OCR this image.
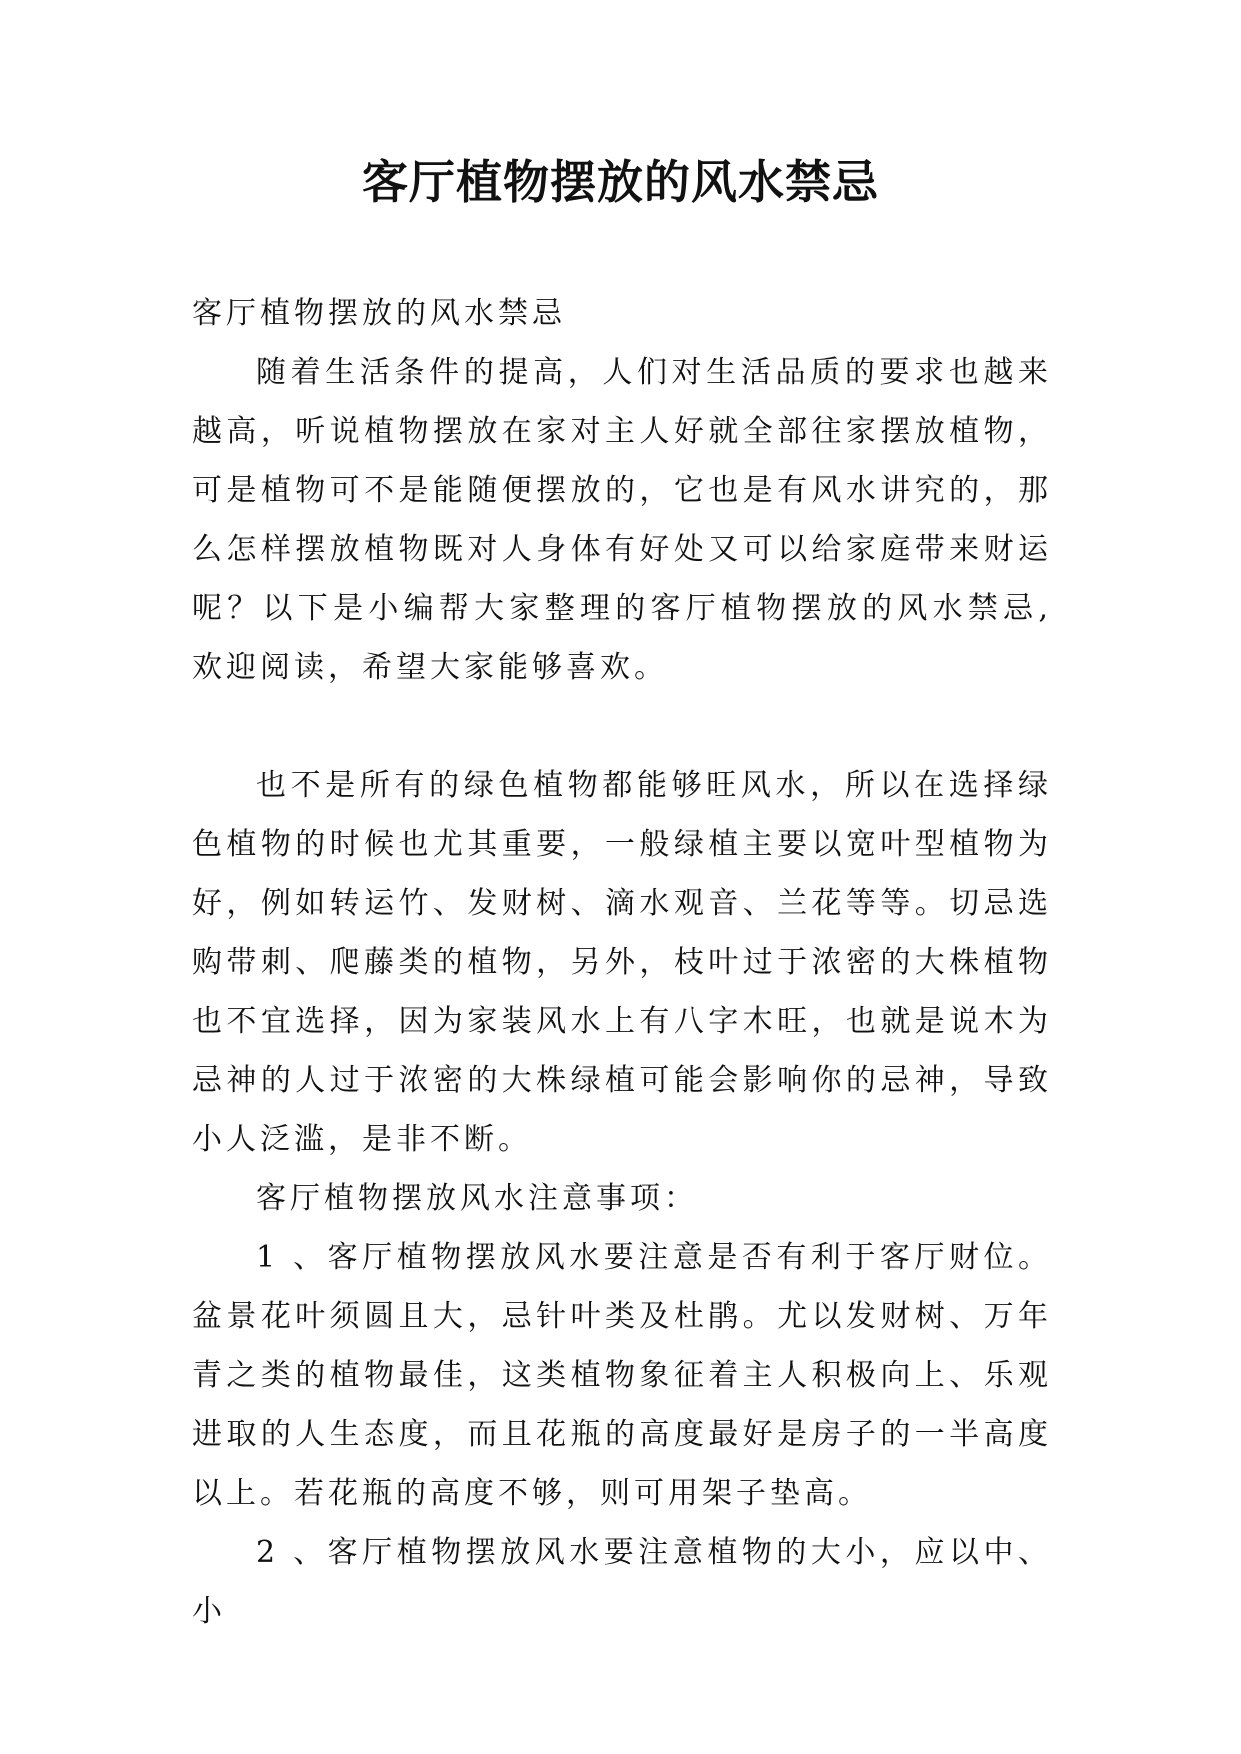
客厅植物摆放的风水禁忌

客厅植物摆放的风水禁忌

随着生活条件的提高，人们对生活品质的要求也越来越高，听说植物摆放在家对主人好就全部往家摆放植物，可是植物可不是能随便摆放的，它也是有风水讲究的，那么怎样摆放植物既对人身体有好处又可以给家庭带来财运呢？以下是小编帮大家整理的客厅植物摆放的风水禁忌,欢迎阅读，希望大家能够喜欢。

也不是所有的绿色植物都能够旺风水，所以在选择绿色植物的时候也尤其重要，一般绿植主要以宽叶型植物为好，例如转运竹、发财树、滴水观音、兰花等等。切忌选购带刺、爬藤类的植物，另外，枝叶过于浓密的大株植物也不宜选择，因为家装风水上有八字木旺，也就是说木为忌神的人过于浓密的大株绿植可能会影响你的忌神，导致小人泛滥，是非不断。

客厅植物摆放风水注意事项：

1 、客厅植物摆放风水要注意是否有利于客厅财位。盆景花叶须圆且大，忌针叶类及杜鹃。尤以发财树、万年青之类的植物最佳，这类植物象征着主人积极向上、乐观进取的人生态度，而且花瓶的高度最好是房子的一半高度以上。若花瓶的高度不够，则可用架子垫高。

2 、客厅植物摆放风水要注意植物的大小，应以中、小
